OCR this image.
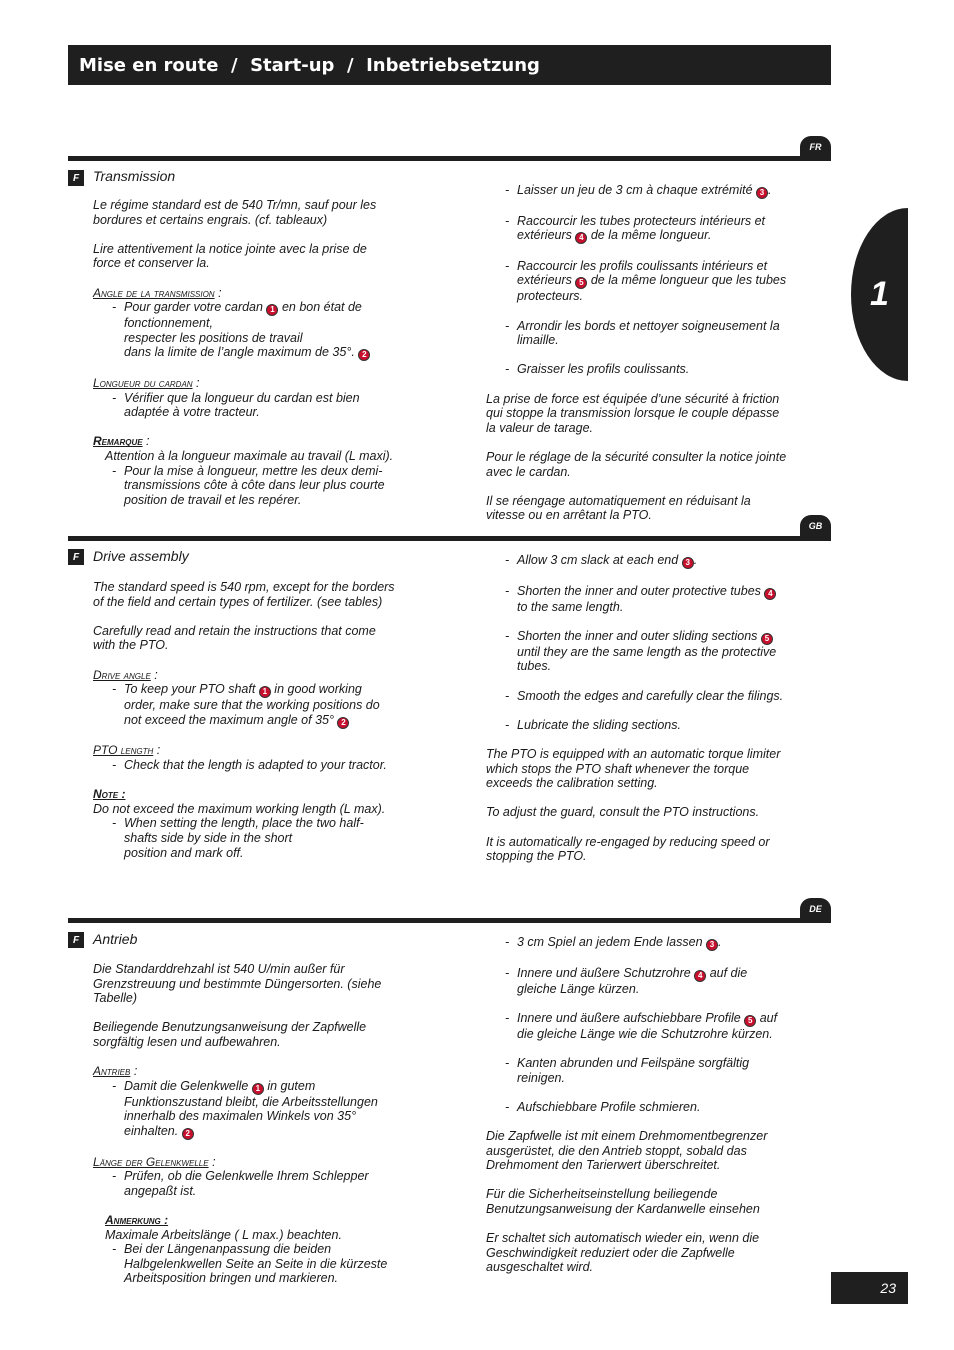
Mise en route  /  Start-up  /  Inbetriebsetzung
1
FR
F Transmission

Le régime standard est de 540 Tr/mn, sauf pour les

bordures et certains engrais. (cf. tableaux)

Lire attentivement la notice jointe avec la prise de

force et conserver la.

Angle de la transmission :

- Pour garder votre cardan 1 en bon état de

fonctionnement,

respecter les positions de travail

dans la limite de l’angle maximum de 35°. 2

Longueur du cardan :

- Vérifier que la longueur du cardan est bien

adaptée à votre tracteur.

Remarque :

Attention à la longueur maximale au travail (L maxi).

- Pour la mise à longueur, mettre les deux demi-

transmissions côte à côte dans leur plus courte

position de travail et les repérer.

- Laisser un jeu de 3 cm à chaque extrémité 3 .

- Raccourcir les tubes protecteurs intérieurs et

extérieurs 4 de la même longueur.

- Raccourcir les profils coulissants intérieurs et

extérieurs 5 de la même longueur que les tubes

protecteurs.

- Arrondir les bords et nettoyer soigneusement la

limaille.

- Graisser les profils coulissants.

La prise de force est équipée d’une sécurité à friction

qui stoppe la transmission lorsque le couple dépasse

la valeur de tarage.

Pour le réglage de la sécurité consulter la notice jointe

avec le cardan.

Il se réengage automatiquement en réduisant la

vitesse ou en arrêtant la PTO.

GB
F Drive assembly

The standard speed is 540 rpm, except for the borders

of the field and certain types of fertilizer. (see tables)

Carefully read and retain the instructions that come

with the PTO.

Drive angle :

- To keep your PTO shaft 1 in good working

order, make sure that the working positions do

not exceed the maximum angle of 35° 2

PTO length :

- Check that the length is adapted to your tractor.

Note :

Do not exceed the maximum working length (L max).

- When setting the length, place the two half-

shafts side by side in the short

position and mark off.

- Allow 3 cm slack at each end 3 .

- Shorten the inner and outer protective tubes 4

to the same length.

- Shorten the inner and outer sliding sections 5

until they are the same length as the protective

tubes.

- Smooth the edges and carefully clear the filings.

- Lubricate the sliding sections.

The PTO is equipped with an automatic torque limiter

which stops the PTO shaft whenever the torque

exceeds the calibration setting.

To adjust the guard, consult the PTO instructions.

It is automatically re-engaged by reducing speed or

stopping the PTO.

DE
F Antrieb

Die Standarddrehzahl ist 540 U/min außer für

Grenzstreuung und bestimmte Düngersorten. (siehe

Tabelle)

Beiliegende Benutzungsanweisung der Zapfwelle

sorgfältig lesen und aufbewahren.

Antrieb :

- Damit die Gelenkwelle 1 in gutem

Funktionszustand bleibt, die Arbeitsstellungen

innerhalb des maximalen Winkels von 35°

einhalten. 2

Länge der Gelenkwelle :

- Prüfen, ob die Gelenkwelle Ihrem Schlepper

angepaßt ist.

Anmerkung :

Maximale Arbeitslänge ( L max.) beachten.

- Bei der Längenanpassung die beiden

Halbgelenkwellen Seite an Seite in die kürzeste

Arbeitsposition bringen und markieren.

- 3 cm Spiel an jedem Ende lassen 3 .

- Innere und äußere Schutzrohre 4 auf die

gleiche Länge kürzen.

- Innere und äußere aufschiebbare Profile 5 auf

die gleiche Länge wie die Schutzrohre kürzen.

- Kanten abrunden und Feilspäne sorgfältig

reinigen.

- Aufschiebbare Profile schmieren.

Die Zapfwelle ist mit einem Drehmomentbegrenzer

ausgerüstet, die den Antrieb stoppt, sobald das

Drehmoment den Tarierwert überschreitet.

Für die Sicherheitseinstellung beiliegende

Benutzungsanweisung der Kardanwelle einsehen

Er schaltet sich automatisch wieder ein, wenn die

Geschwindigkeit reduziert oder die Zapfwelle

ausgeschaltet wird.

23
